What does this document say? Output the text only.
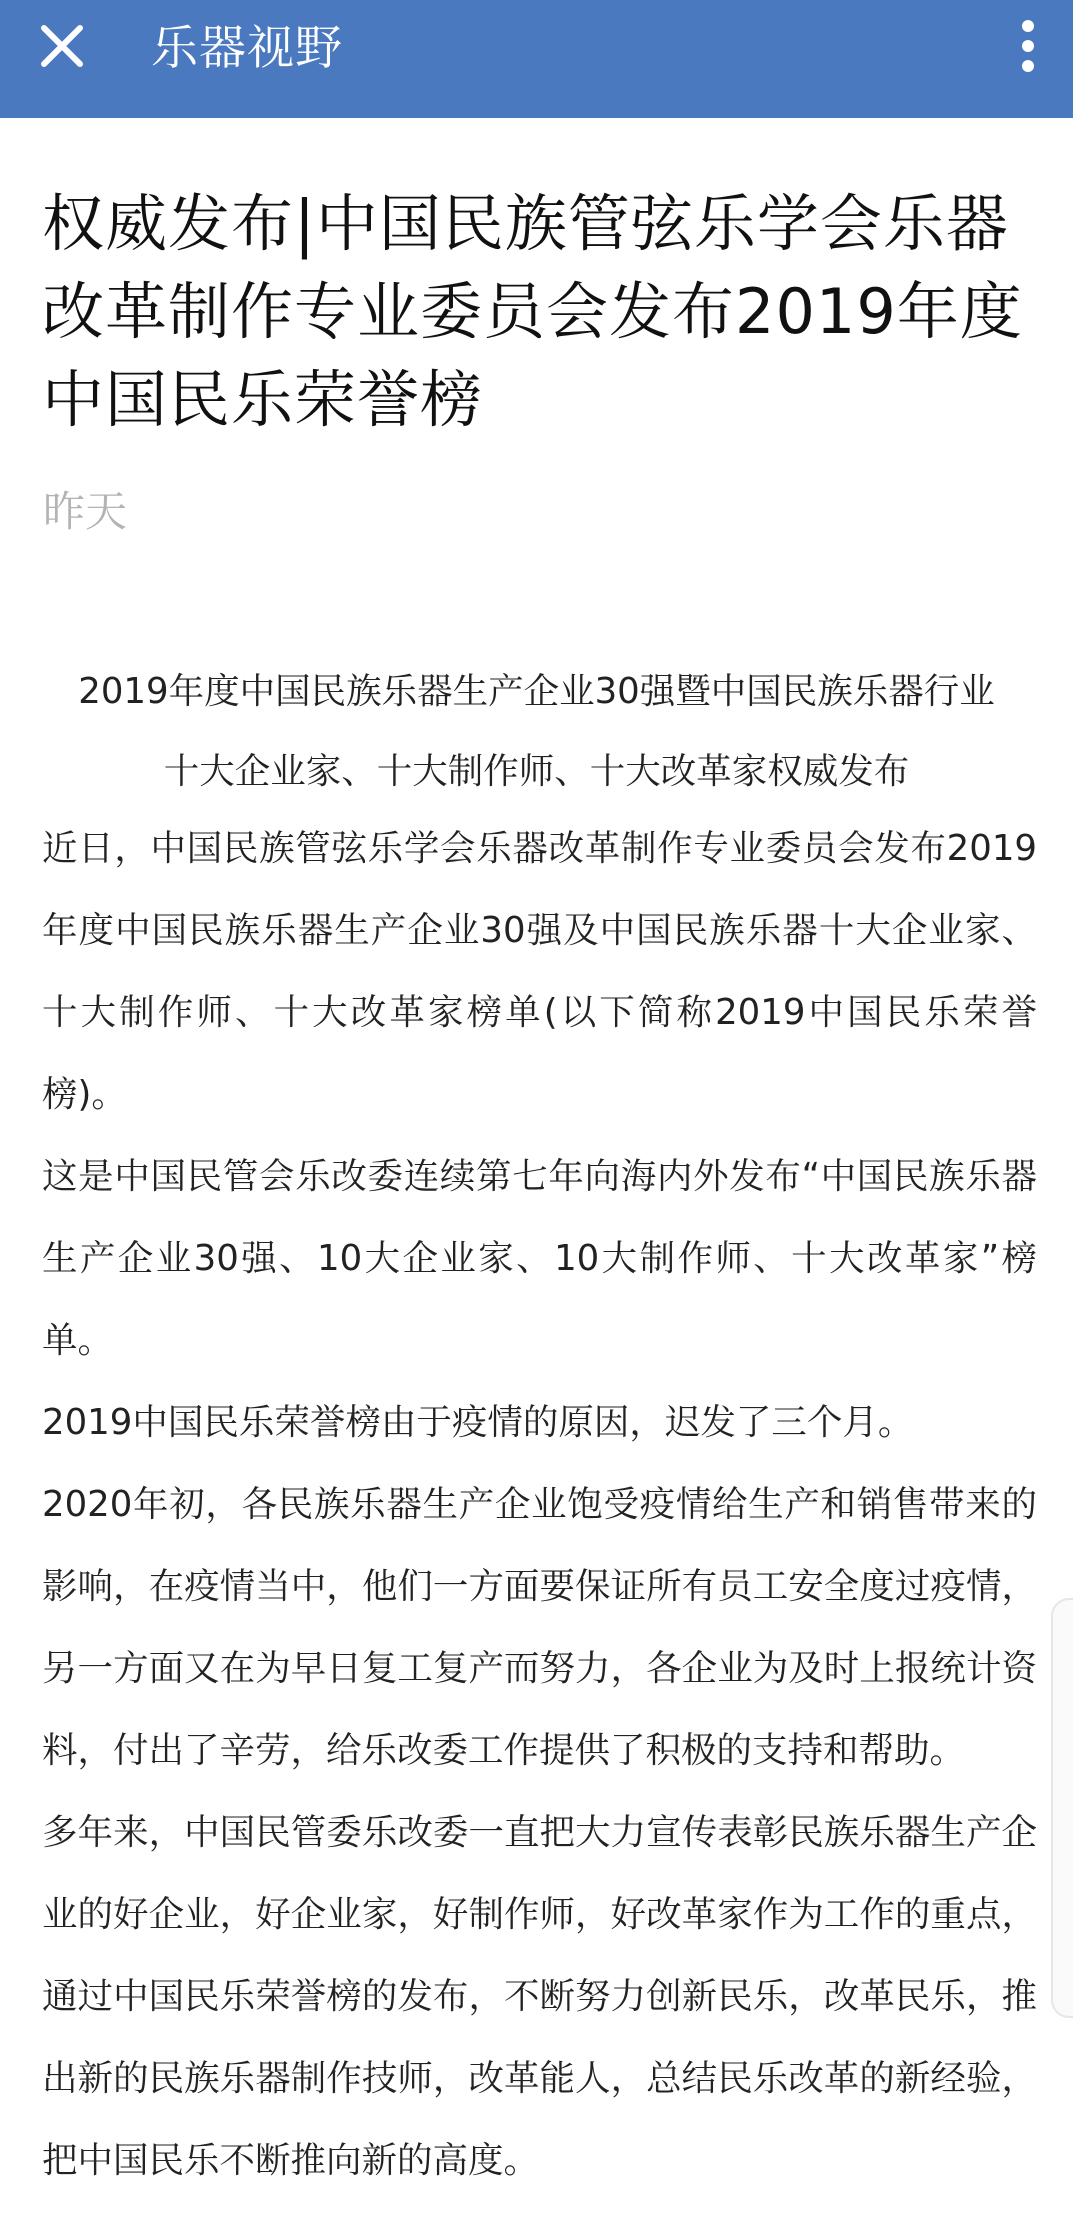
乐器视野
权威发布|中国民族管弦乐学会乐器改革制作专业委员会发布2019年度中国民乐荣誉榜
昨天
2019年度中国民族乐器生产企业30强暨中国民族乐器行业
十大企业家、十大制作师、十大改革家权威发布

近日，中国民族管弦乐学会乐器改革制作专业委员会发布2019年度中国民族乐器生产企业30强及中国民族乐器十大企业家、十大制作师、十大改革家榜单(以下简称2019中国民乐荣誉榜)。

这是中国民管会乐改委连续第七年向海内外发布“中国民族乐器生产企业30强、10大企业家、10大制作师、十大改革家”榜单。

2019中国民乐荣誉榜由于疫情的原因，迟发了三个月。

2020年初，各民族乐器生产企业饱受疫情给生产和销售带来的影响，在疫情当中，他们一方面要保证所有员工安全度过疫情，另一方面又在为早日复工复产而努力，各企业为及时上报统计资料，付出了辛劳，给乐改委工作提供了积极的支持和帮助。

多年来，中国民管委乐改委一直把大力宣传表彰民族乐器生产企业的好企业，好企业家，好制作师，好改革家作为工作的重点，通过中国民乐荣誉榜的发布，不断努力创新民乐，改革民乐，推出新的民族乐器制作技师，改革能人，总结民乐改革的新经验，把中国民乐不断推向新的高度。
